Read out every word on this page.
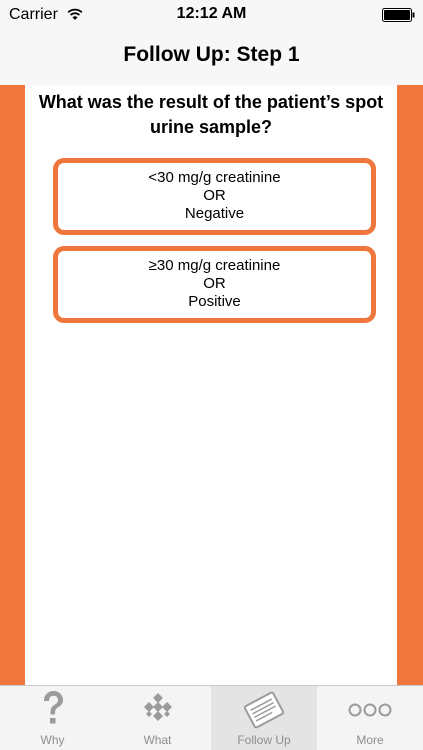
Carrier	12:12 AM
Follow Up: Step 1
What was the result of the patient’s spot urine sample?
<30 mg/g creatinine
OR
Negative
≥30 mg/g creatinine
OR
Positive
Why	What	Follow Up	More
